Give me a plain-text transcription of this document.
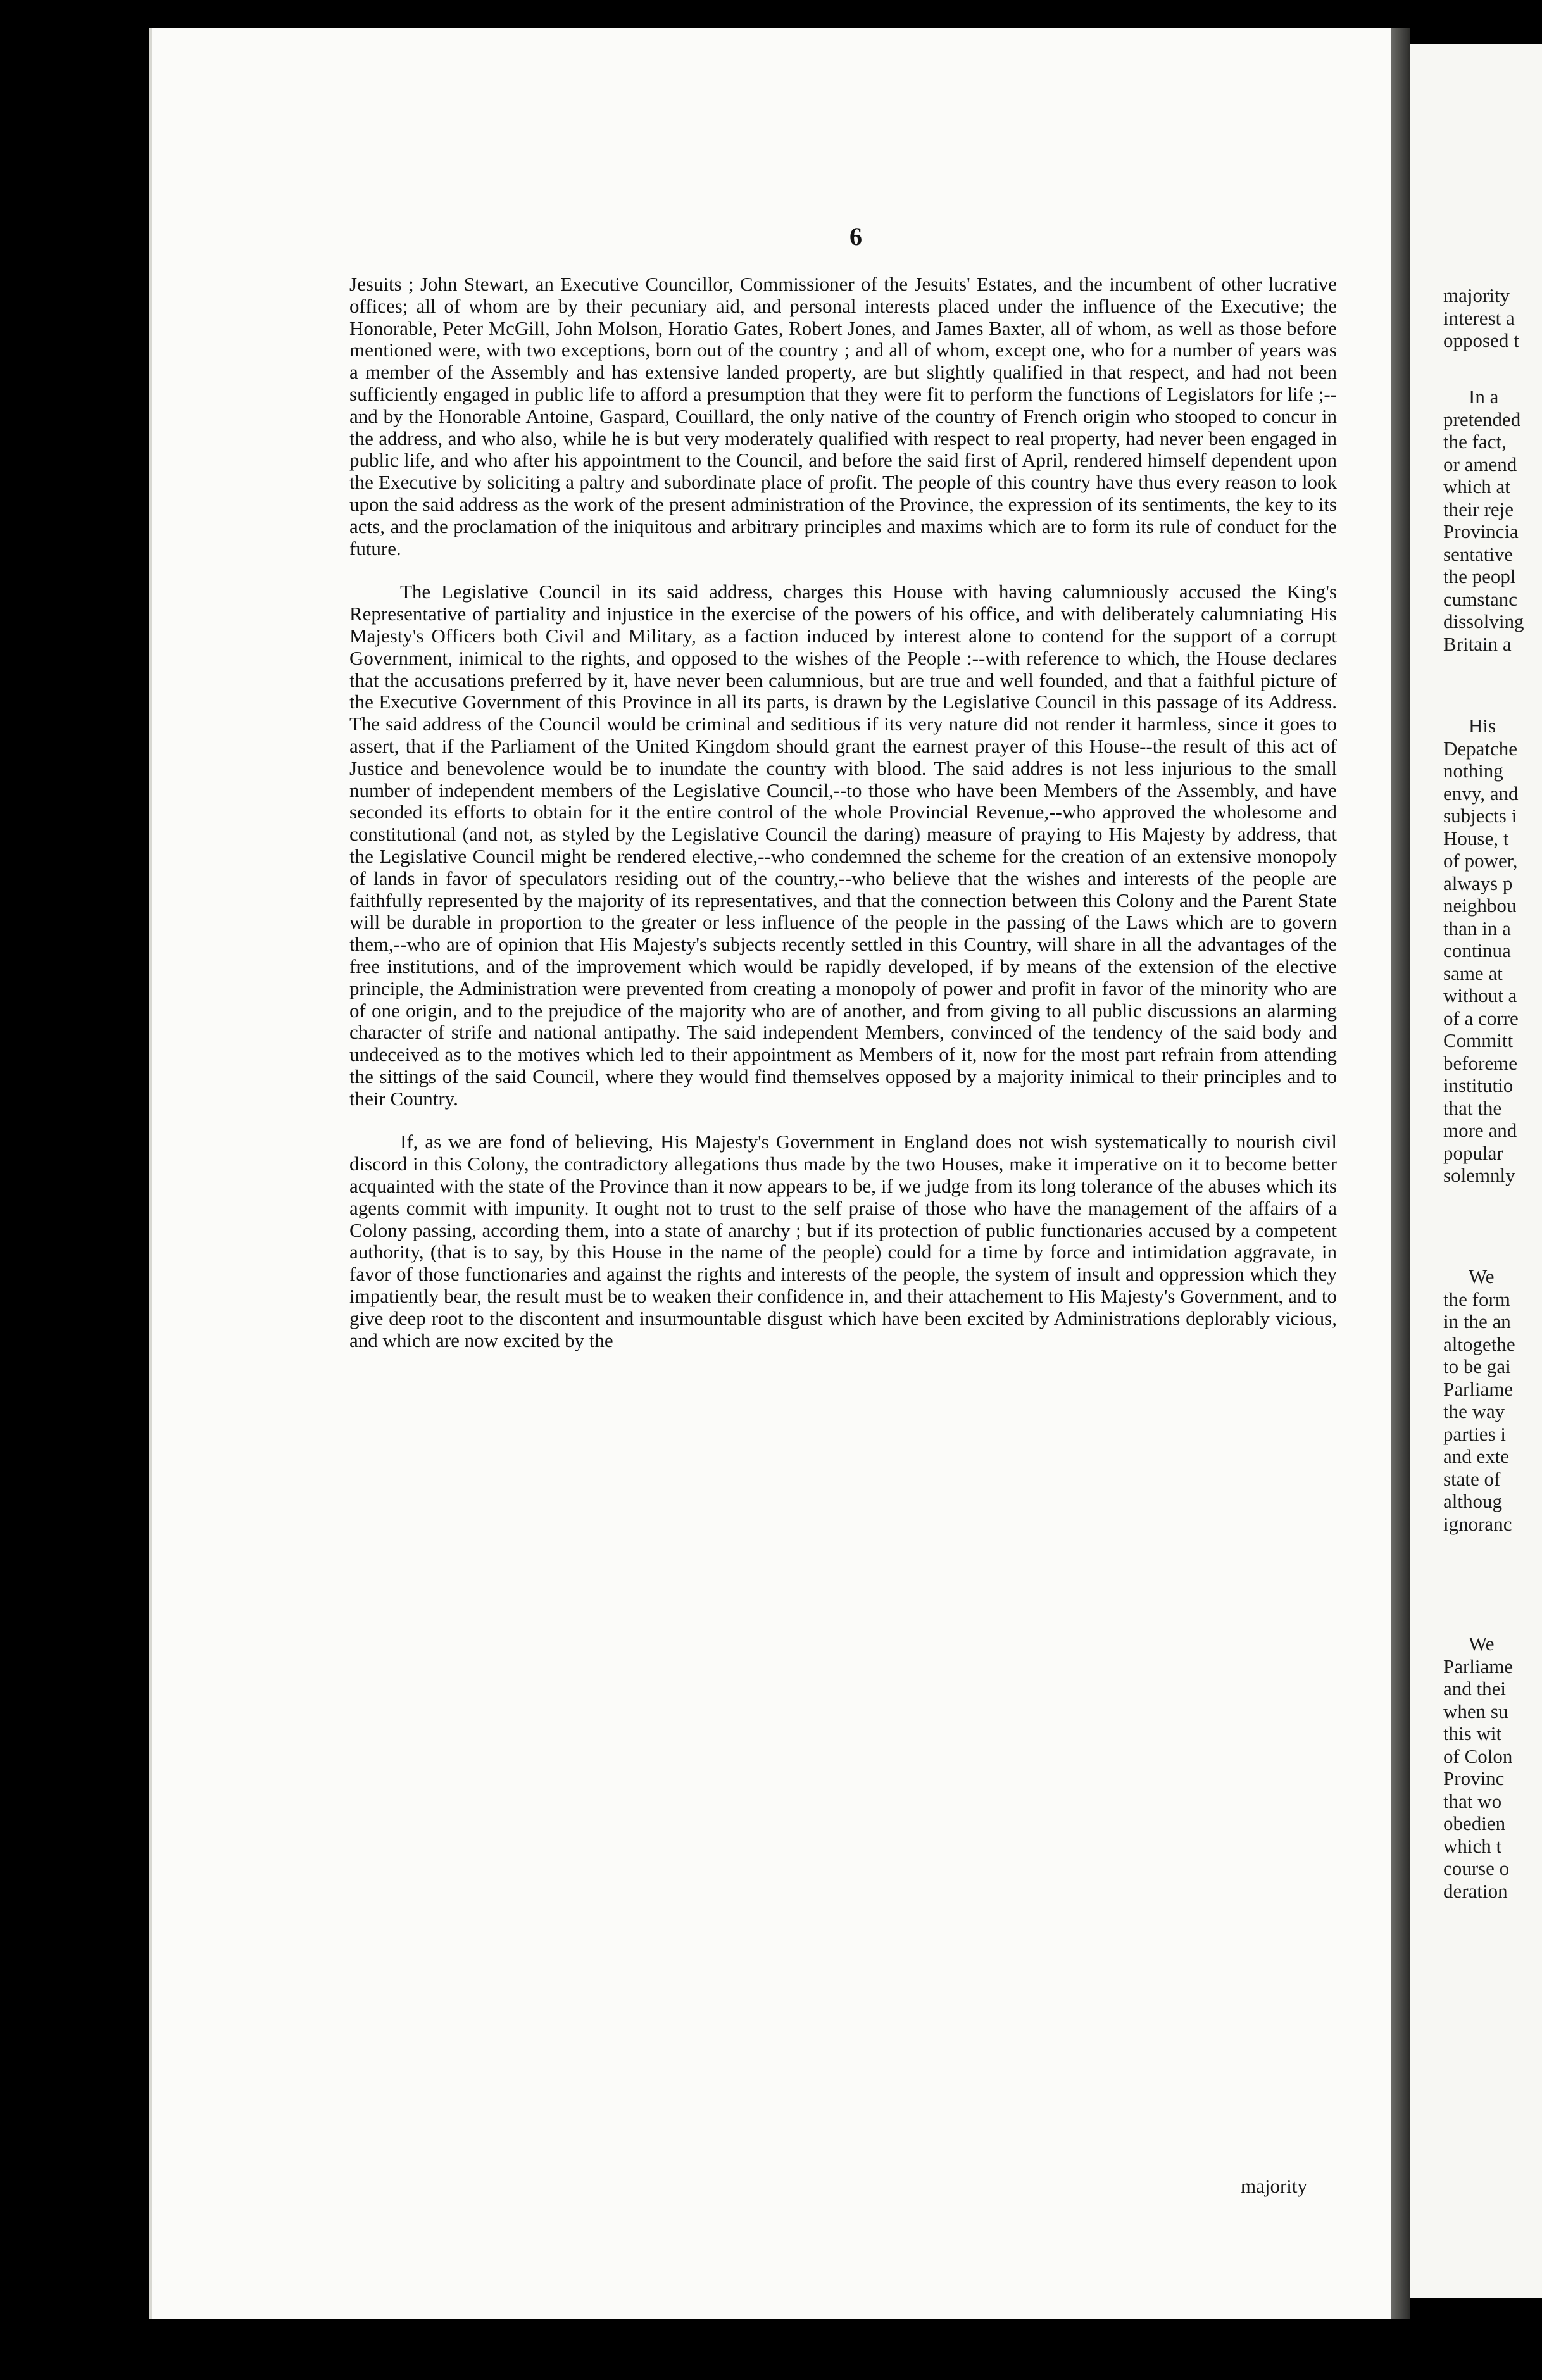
6

Jesuits ; John Stewart, an Executive Councillor, Commissioner of the Jesuits' Estates, and the incumbent of other lucrative offices; all of whom are by their pecuniary aid, and personal interests placed under the influence of the Executive; the Honorable, Peter McGill, John Molson, Horatio Gates, Robert Jones, and James Baxter, all of whom, as well as those before mentioned were, with two exceptions, born out of the country ; and all of whom, except one, who for a number of years was a member of the Assembly and has extensive landed property, are but slightly qualified in that respect, and had not been sufficiently engaged in public life to afford a presumption that they were fit to perform the functions of Legislators for life ;--and by the Honorable Antoine, Gaspard, Couillard, the only native of the country of French origin who stooped to concur in the address, and who also, while he is but very moderately qualified with respect to real property, had never been engaged in public life, and who after his appointment to the Council, and before the said first of April, rendered himself dependent upon the Executive by soliciting a paltry and subordinate place of profit. The people of this country have thus every reason to look upon the said address as the work of the present administration of the Province, the expression of its sentiments, the key to its acts, and the proclamation of the iniquitous and arbitrary principles and maxims which are to form its rule of conduct for the future.

The Legislative Council in its said address, charges this House with having calumniously accused the King's Representative of partiality and injustice in the exercise of the powers of his office, and with deliberately calumniating His Majesty's Officers both Civil and Military, as a faction induced by interest alone to contend for the support of a corrupt Government, inimical to the rights, and opposed to the wishes of the People :--with reference to which, the House declares that the accusations preferred by it, have never been calumnious, but are true and well founded, and that a faithful picture of the Executive Government of this Province in all its parts, is drawn by the Legislative Council in this passage of its Address. The said address of the Council would be criminal and seditious if its very nature did not render it harmless, since it goes to assert, that if the Parliament of the United Kingdom should grant the earnest prayer of this House--the result of this act of Justice and benevolence would be to inundate the country with blood. The said addres is not less injurious to the small number of independent members of the Legislative Council,--to those who have been Members of the Assembly, and have seconded its efforts to obtain for it the entire control of the whole Provincial Revenue,--who approved the wholesome and constitutional (and not, as styled by the Legislative Council the daring) measure of praying to His Majesty by address, that the Legislative Council might be rendered elective,--who condemned the scheme for the creation of an extensive monopoly of lands in favor of speculators residing out of the country,--who believe that the wishes and interests of the people are faithfully represented by the majority of its representatives, and that the connection between this Colony and the Parent State will be durable in proportion to the greater or less influence of the people in the passing of the Laws which are to govern them,--who are of opinion that His Majesty's subjects recently settled in this Country, will share in all the advantages of the free institutions, and of the improvement which would be rapidly developed, if by means of the extension of the elective principle, the Administration were prevented from creating a monopoly of power and profit in favor of the minority who are of one origin, and to the prejudice of the majority who are of another, and from giving to all public discussions an alarming character of strife and national antipathy. The said independent Members, convinced of the tendency of the said body and undeceived as to the motives which led to their appointment as Members of it, now for the most part refrain from attending the sittings of the said Council, where they would find themselves opposed by a majority inimical to their principles and to their Country.

If, as we are fond of believing, His Majesty's Government in England does not wish systematically to nourish civil discord in this Colony, the contradictory allegations thus made by the two Houses, make it imperative on it to become better acquainted with the state of the Province than it now appears to be, if we judge from its long tolerance of the abuses which its agents commit with impunity. It ought not to trust to the self praise of those who have the management of the affairs of a Colony passing, according them, into a state of anarchy ; but if its protection of public functionaries accused by a competent authority, (that is to say, by this House in the name of the people) could for a time by force and intimidation aggravate, in favor of those functionaries and against the rights and interests of the people, the system of insult and oppression which they impatiently bear, the result must be to weaken their confidence in, and their attachement to His Majesty's Government, and to give deep root to the discontent and insurmountable disgust which have been excited by Administrations deplorably vicious, and which are now excited by the

majority
majority
interest a
opposed t
In a
pretended
the fact,
or amend
which at
their reje
Provincia
sentative
the peopl
cumstanc
dissolving
Britain a
His
Depatche
nothing
envy, and
subjects i
House, t
of power,
always p
neighbou
than in a
continua
same at
without a
of a corre
Committ
beforeme
institutio
that the
more and
popular
solemnly
We
the form
in the an
altogethe
to be gai
Parliame
the way
parties i
and exte
state of
althoug
ignoranc
We
Parliame
and thei
when su
this wit
of Colon
Provinc
that wo
obedien
which t
course o
deration
